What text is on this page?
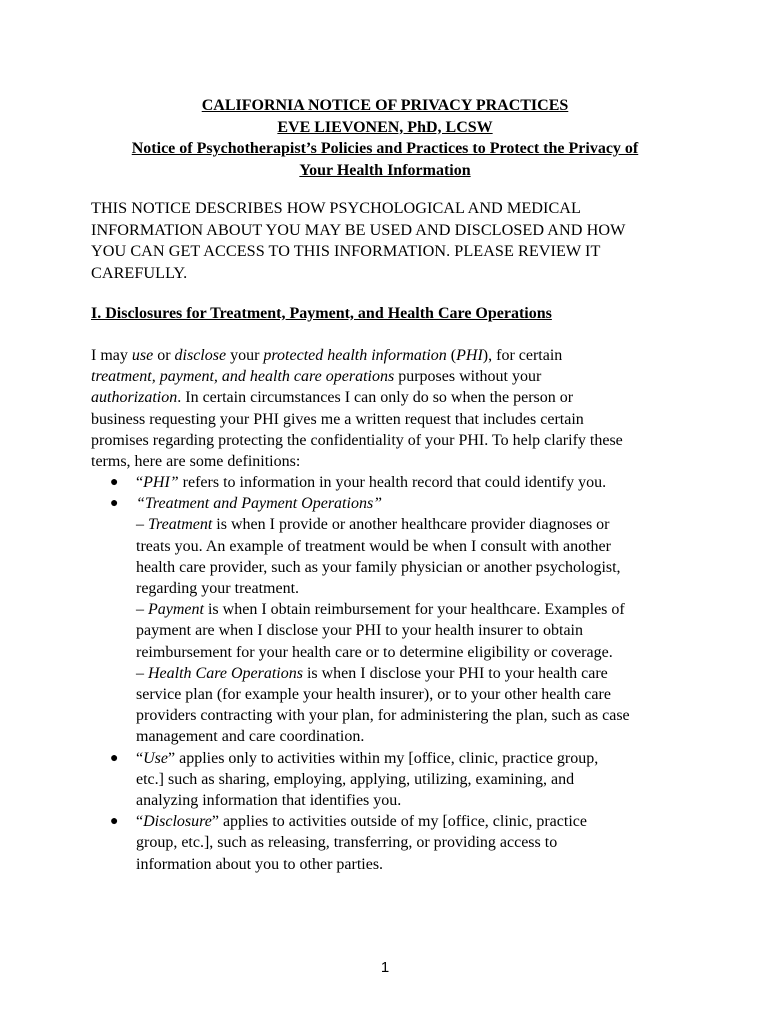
CALIFORNIA NOTICE OF PRIVACY PRACTICES
EVE LIEVONEN, PhD, LCSW
Notice of Psychotherapist’s Policies and Practices to Protect the Privacy of
Your Health Information
THIS NOTICE DESCRIBES HOW PSYCHOLOGICAL AND MEDICAL
INFORMATION ABOUT YOU MAY BE USED AND DISCLOSED AND HOW
YOU CAN GET ACCESS TO THIS INFORMATION. PLEASE REVIEW IT
CAREFULLY.
I. Disclosures for Treatment, Payment, and Health Care Operations
I may use or disclose your protected health information (PHI), for certain
treatment, payment, and health care operations purposes without your
authorization. In certain circumstances I can only do so when the person or
business requesting your PHI gives me a written request that includes certain
promises regarding protecting the confidentiality of your PHI. To help clarify these
terms, here are some definitions:
● “PHI” refers to information in your health record that could identify you.
● “Treatment and Payment Operations”
– Treatment is when I provide or another healthcare provider diagnoses or
treats you. An example of treatment would be when I consult with another
health care provider, such as your family physician or another psychologist,
regarding your treatment.
– Payment is when I obtain reimbursement for your healthcare. Examples of
payment are when I disclose your PHI to your health insurer to obtain
reimbursement for your health care or to determine eligibility or coverage.
– Health Care Operations is when I disclose your PHI to your health care
service plan (for example your health insurer), or to your other health care
providers contracting with your plan, for administering the plan, such as case
management and care coordination.
● “Use” applies only to activities within my [office, clinic, practice group,
etc.] such as sharing, employing, applying, utilizing, examining, and
analyzing information that identifies you.
● “Disclosure” applies to activities outside of my [office, clinic, practice
group, etc.], such as releasing, transferring, or providing access to
information about you to other parties.
1
